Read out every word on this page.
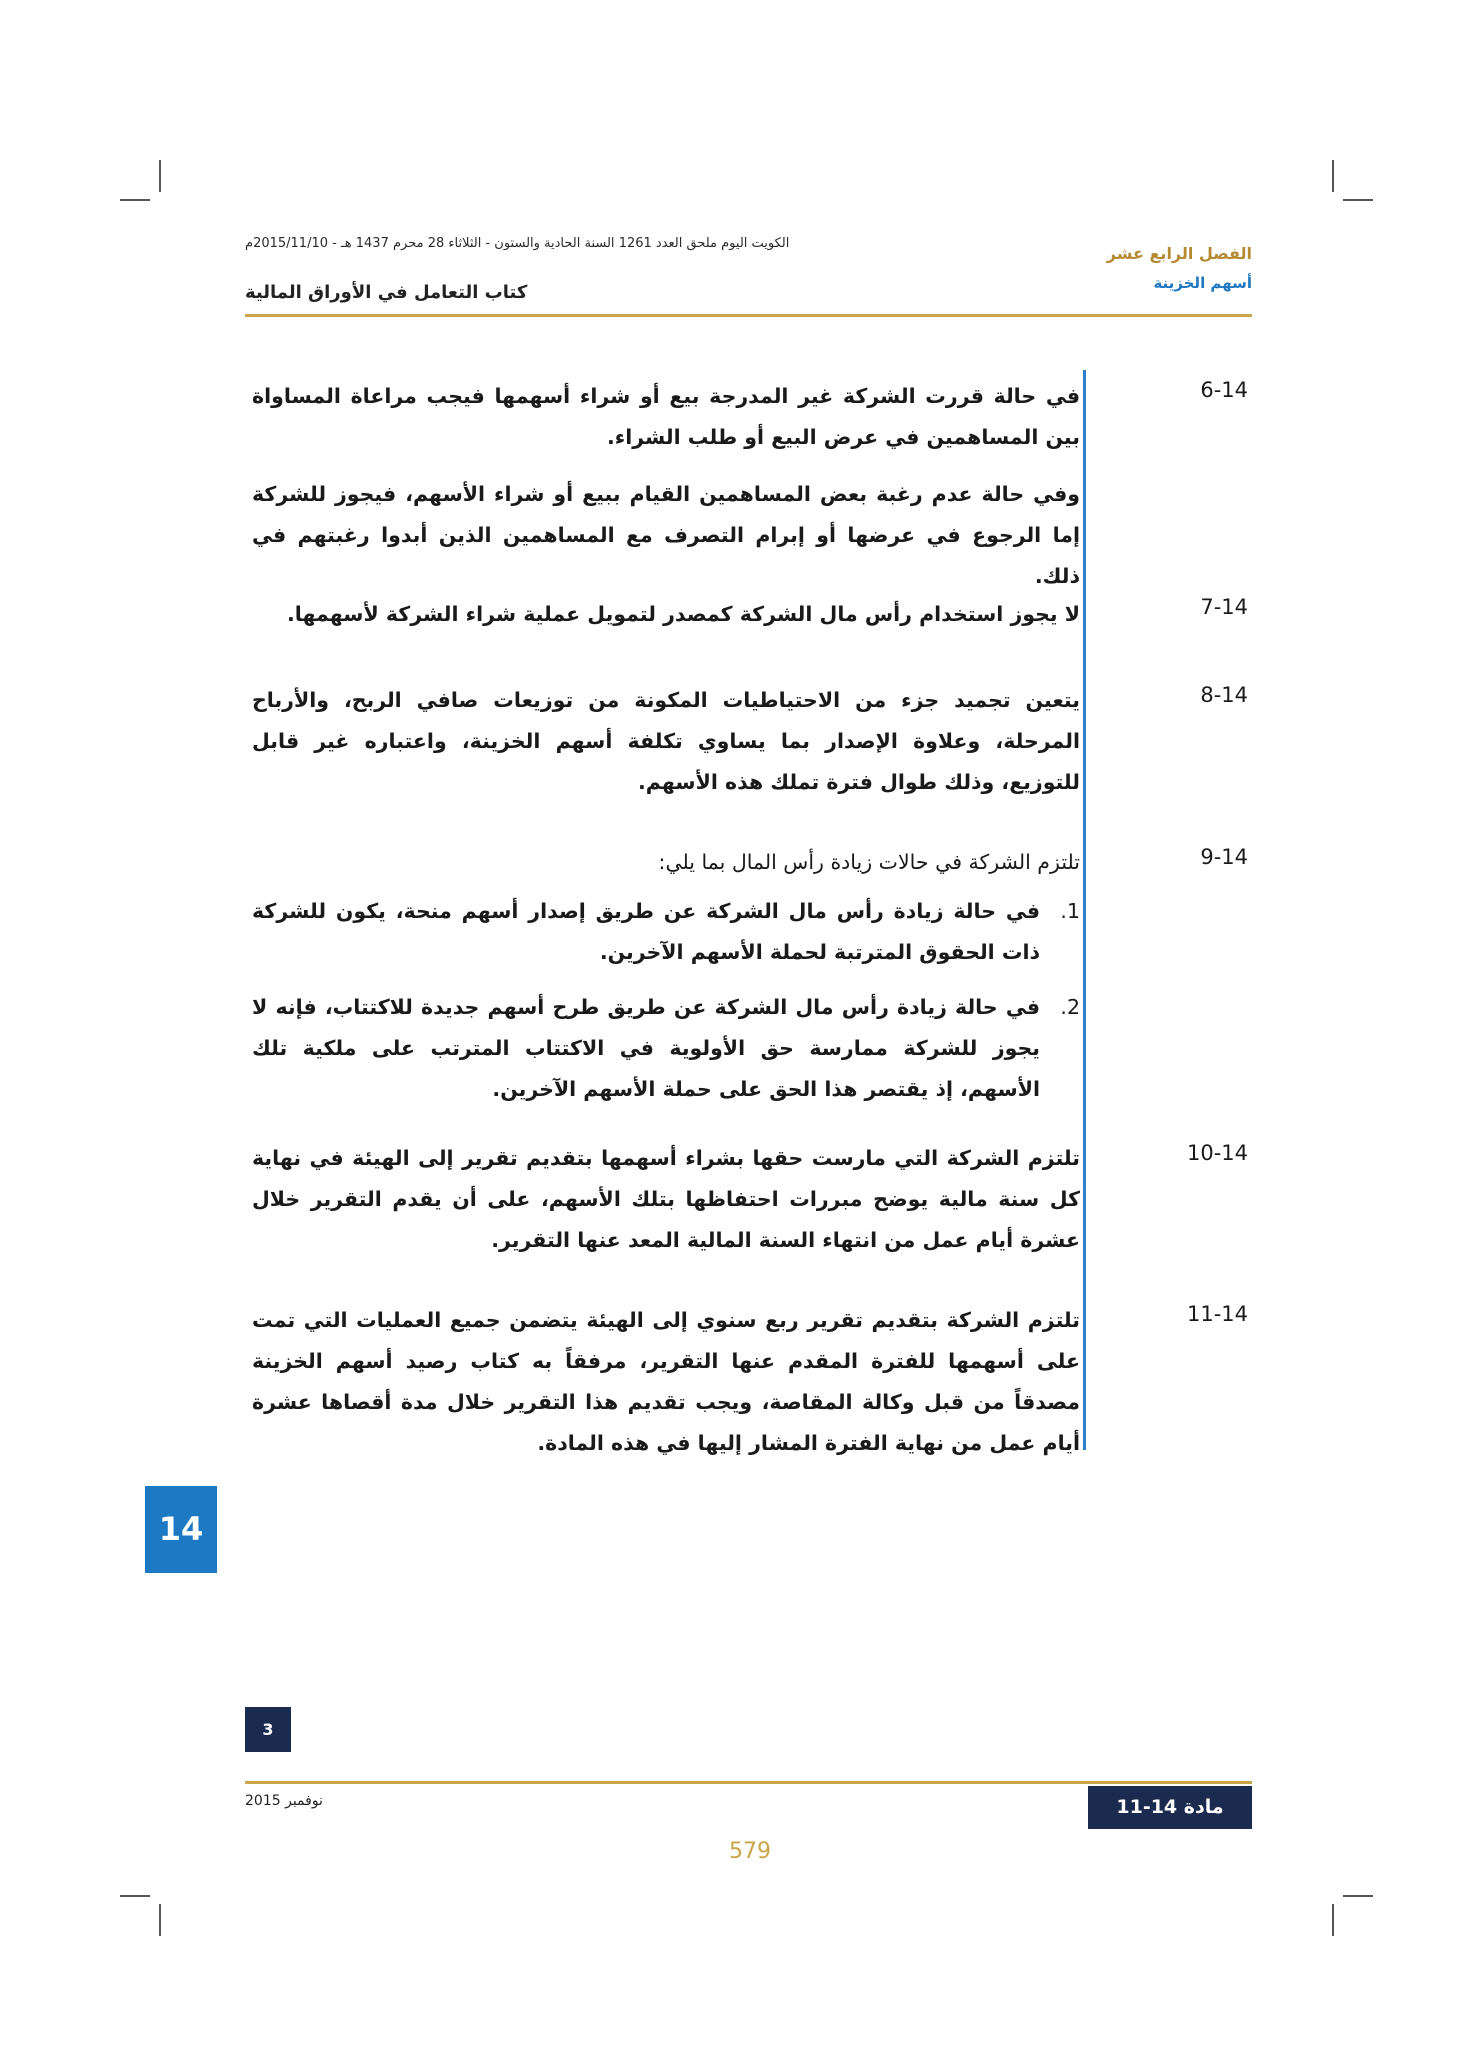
الكويت اليوم ملحق العدد 1261 السنة الحادية والستون - الثلاثاء 28 محرم 1437 هـ - 2015/11/10م
كتاب التعامل في الأوراق المالية
الفصل الرابع عشر
أسهم الخزينة
6-14

في حالة قررت الشركة غير المدرجة بيع أو شراء أسهمها فيجب مراعاة المساواة بين المساهمين في عرض البيع أو طلب الشراء.

وفي حالة عدم رغبة بعض المساهمين القيام ببيع أو شراء الأسهم، فيجوز للشركة إما الرجوع في عرضها أو إبرام التصرف مع المساهمين الذين أبدوا رغبتهم في ذلك.

7-14

لا يجوز استخدام رأس مال الشركة كمصدر لتمويل عملية شراء الشركة لأسهمها.

8-14

يتعين تجميد جزء من الاحتياطيات المكونة من توزيعات صافي الربح، والأرباح المرحلة، وعلاوة الإصدار بما يساوي تكلفة أسهم الخزينة، واعتباره غير قابل للتوزيع، وذلك طوال فترة تملك هذه الأسهم.

9-14

تلتزم الشركة في حالات زيادة رأس المال بما يلي:

1.
في حالة زيادة رأس مال الشركة عن طريق إصدار أسهم منحة، يكون للشركة ذات الحقوق المترتبة لحملة الأسهم الآخرين.
2.
في حالة زيادة رأس مال الشركة عن طريق طرح أسهم جديدة للاكتتاب، فإنه لا يجوز للشركة ممارسة حق الأولوية في الاكتتاب المترتب على ملكية تلك الأسهم، إذ يقتصر هذا الحق على حملة الأسهم الآخرين.
10-14

تلتزم الشركة التي مارست حقها بشراء أسهمها بتقديم تقرير إلى الهيئة في نهاية كل سنة مالية يوضح مبررات احتفاظها بتلك الأسهم، على أن يقدم التقرير خلال عشرة أيام عمل من انتهاء السنة المالية المعد عنها التقرير.

11-14

تلتزم الشركة بتقديم تقرير ربع سنوي إلى الهيئة يتضمن جميع العمليات التي تمت على أسهمها للفترة المقدم عنها التقرير، مرفقاً به كتاب رصيد أسهم الخزينة مصدقاً من قبل وكالة المقاصة، ويجب تقديم هذا التقرير خلال مدة أقصاها عشرة أيام عمل من نهاية الفترة المشار إليها في هذه المادة.

14
3
نوفمبر 2015	مادة 14-11
579
